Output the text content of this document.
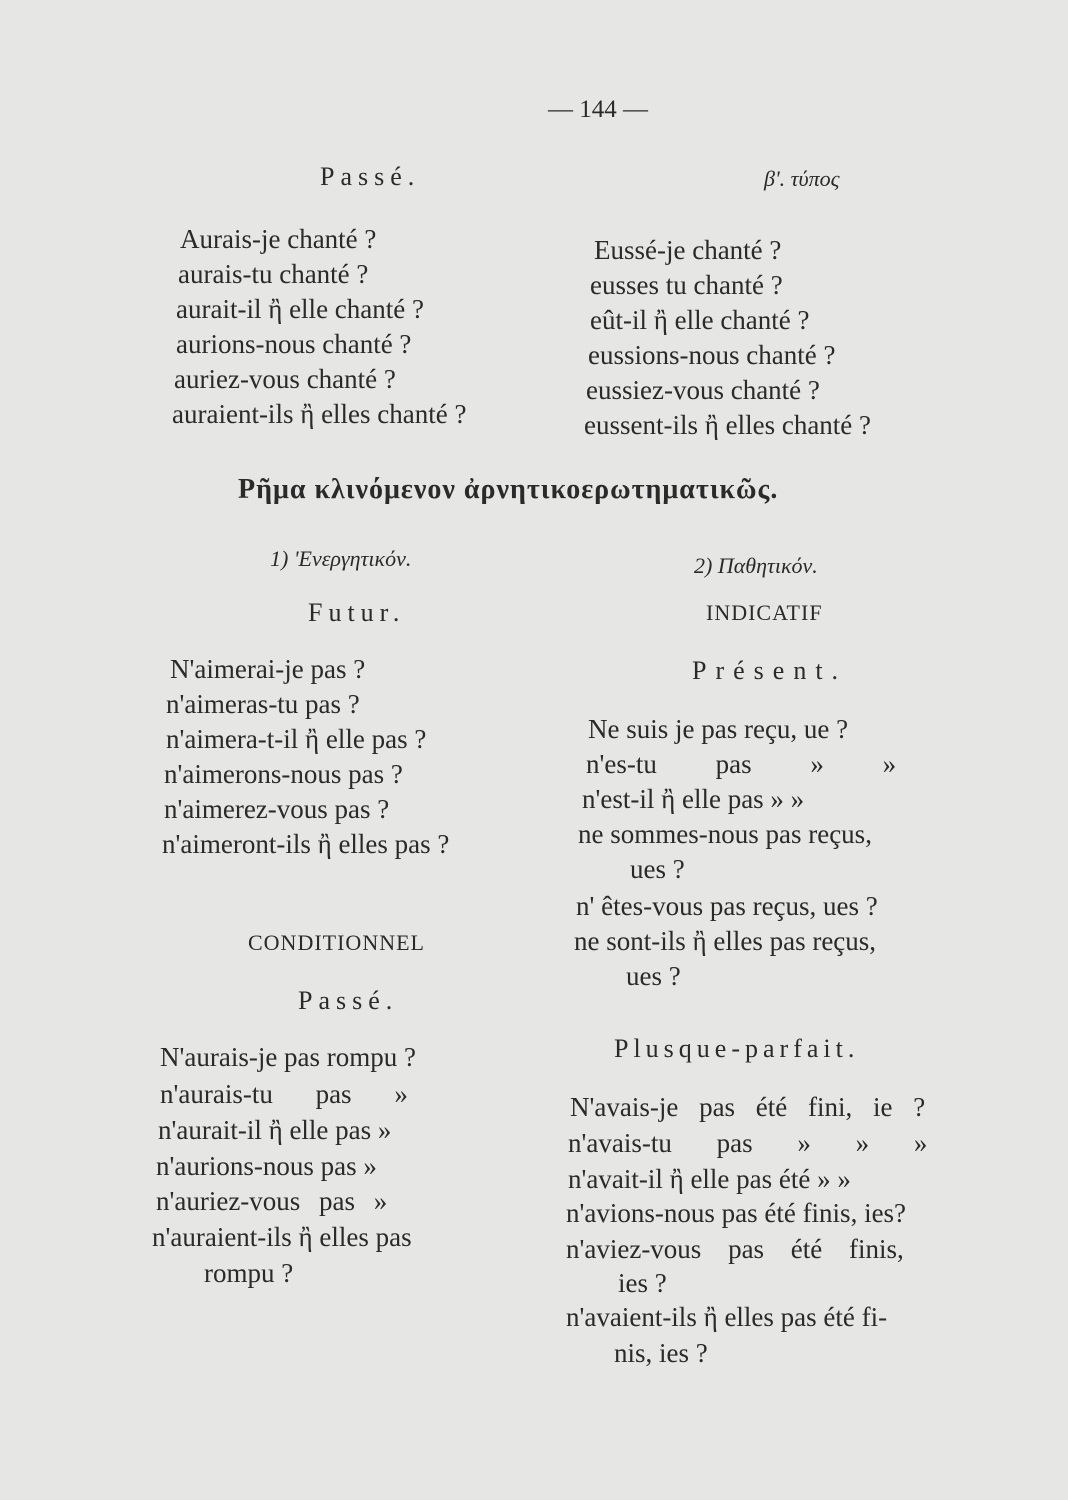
— 144 —
Passé.	β'. τύπος
Aurais-je chanté ?
aurais-tu chanté ?
aurait-il ἢ elle chanté ?
aurions-nous chanté ?
auriez-vous chanté ?
auraient-ils ἢ elles chanté ?
Eussé-je chanté ?
eusses tu chanté ?
eût-il ἢ elle chanté ?
eussions-nous chanté ?
eussiez-vous chanté ?
eussent-ils ἢ elles chanté ?
Ρῆμα κλινόμενον ἀρνητικοερωτηματικῶς.
1) 'Ενεργητικόν.
Futur.
N'aimerai-je pas ?
n'aimeras-tu pas ?
n'aimera-t-il ἢ elle pas ?
n'aimerons-nous pas ?
n'aimerez-vous pas ?
n'aimeront-ils ἢ elles pas ?
CONDITIONNEL
Passé.
N'aurais-je pas rompu ?
n'aurais-tu pas »
n'aurait-il ἢ elle pas »
n'aurions-nous pas »
n'auriez-vous pas »
n'auraient-ils ἢ elles pas
rompu ?
2) Παθητικόν.
INDICATIF
Présent.
Ne suis je pas reçu, ue ?
n'es-tu pas » »
n'est-il ἢ elle pas » »
ne sommes-nous pas reçus,
ues ?
n' êtes-vous pas reçus, ues ?
ne sont-ils ἢ elles pas reçus,
ues ?
Plusque-parfait.
N'avais-je pas été fini, ie ?
n'avais-tu pas » » »
n'avait-il ἢ elle pas été » »
n'avions-nous pas été finis, ies?
n'aviez-vous pas été finis,
ies ?
n'avaient-ils ἢ elles pas été fi-
nis, ies ?
